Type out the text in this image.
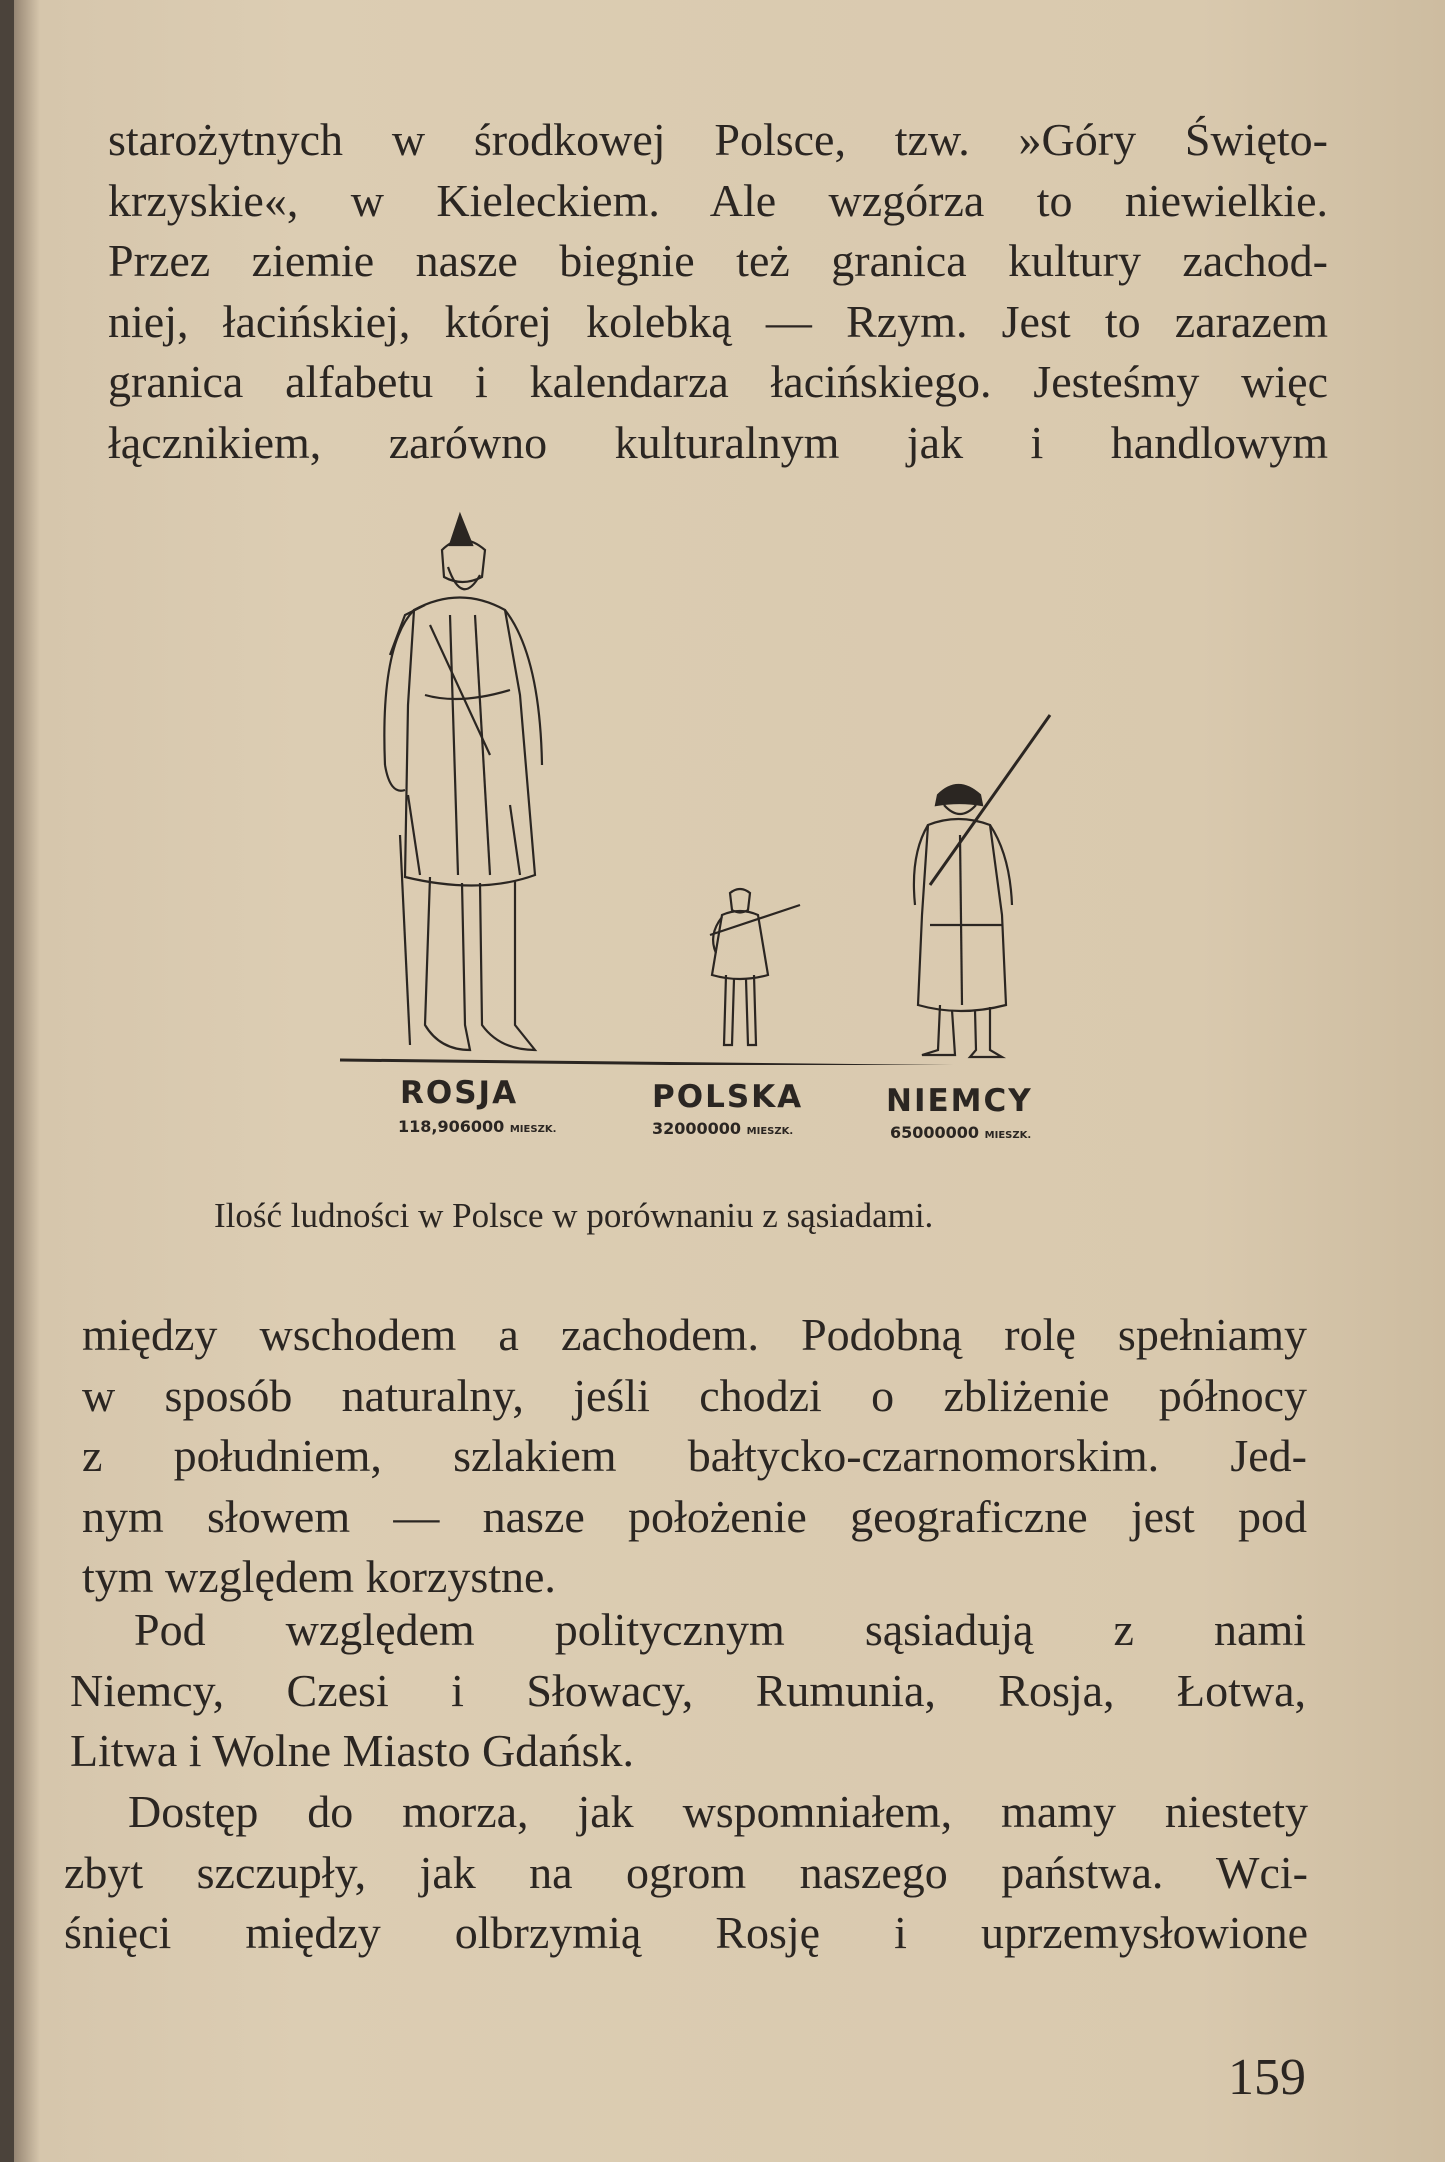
starożytnych w środkowej Polsce, tzw. »Góry Święto-
krzyskie«, w Kieleckiem. Ale wzgórza to niewielkie.
Przez ziemie nasze biegnie też granica kultury zachod-
niej, łacińskiej, której kolebką — Rzym. Jest to zarazem
granica alfabetu i kalendarza łacińskiego. Jesteśmy więc
łącznikiem, zarówno kulturalnym jak i handlowym
ROSJA
118,906000 MIESZK.
POLSKA
32000000 MIESZK.
NIEMCY
65000000 MIESZK.
Ilość ludności w Polsce w porównaniu z sąsiadami.
między wschodem a zachodem. Podobną rolę spełniamy
w sposób naturalny, jeśli chodzi o zbliżenie północy
z południem, szlakiem bałtycko-czarnomorskim. Jed-
nym słowem — nasze położenie geograficzne jest pod
tym względem korzystne.
Pod względem politycznym sąsiadują z nami
Niemcy, Czesi i Słowacy, Rumunia, Rosja, Łotwa,
Litwa i Wolne Miasto Gdańsk.
Dostęp do morza, jak wspomniałem, mamy niestety
zbyt szczupły, jak na ogrom naszego państwa. Wci-
śnięci między olbrzymią Rosję i uprzemysłowione
159
